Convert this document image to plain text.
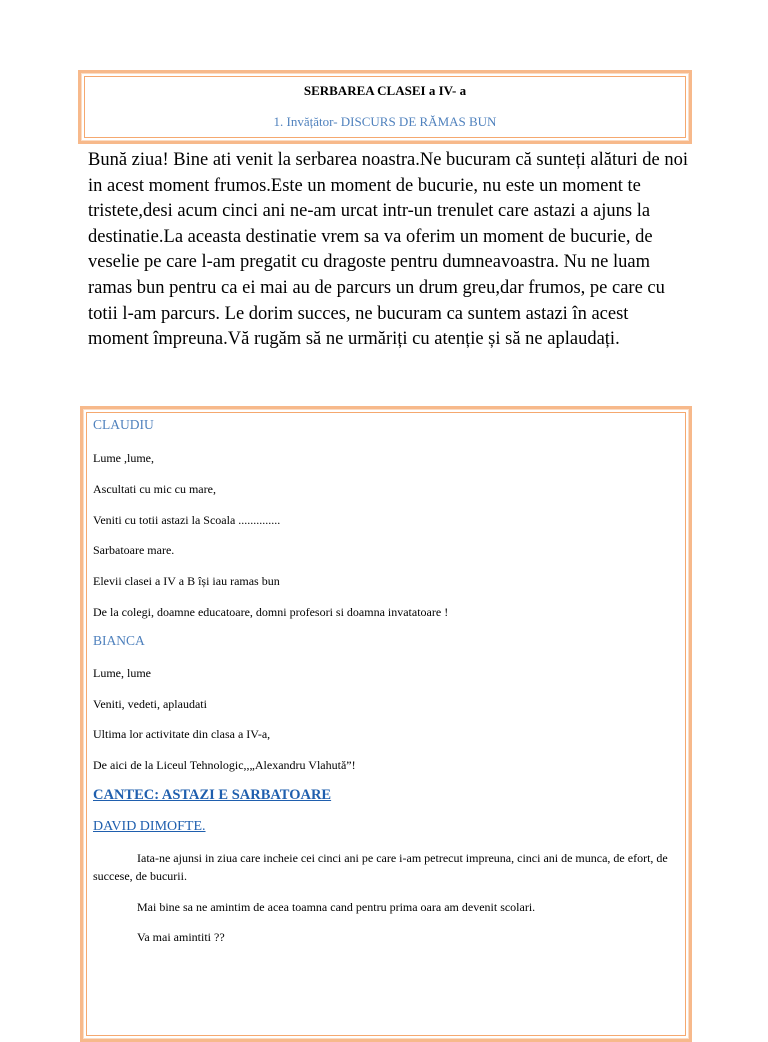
SERBAREA CLASEI a IV- a
1. Invățător- DISCURS DE RĂMAS BUN

Bună ziua! Bine ati venit la serbarea noastra.Ne bucuram că sunteți alături de noi in acest moment frumos.Este un moment de bucurie, nu este un moment te tristete,desi acum cinci ani ne-am urcat intr-un trenulet care astazi a ajuns la destinatie.La aceasta destinatie vrem sa va oferim un moment de bucurie, de veselie pe care l-am pregatit cu dragoste pentru dumneavoastra. Nu ne luam ramas bun pentru ca ei mai au de parcurs un drum greu,dar frumos, pe care cu totii l-am parcurs. Le dorim succes, ne bucuram ca suntem astazi în acest moment împreuna.Vă rugăm să ne urmăriți cu atenție și să ne aplaudați.

CLAUDIU
Lume ,lume,
Ascultati cu mic cu mare,
Veniti cu totii astazi la Scoala ..............
Sarbatoare mare.
Elevii clasei a IV a B își iau ramas bun
De la colegi, doamne educatoare, domni profesori si doamna invatatoare !
BIANCA
Lume, lume
Veniti, vedeti, aplaudati
Ultima lor activitate din clasa a IV-a,
De aici de la Liceul Tehnologic,,„Alexandru Vlahută”!
CANTEC: ASTAZI E SARBATOARE
DAVID DIMOFTE.

Iata-ne ajunsi in ziua care incheie cei cinci ani pe care i-am petrecut impreuna, cinci ani de munca, de efort, de succese, de bucurii.

Mai bine sa ne amintim de acea toamna cand pentru prima oara am devenit scolari.

Va mai amintiti ??
